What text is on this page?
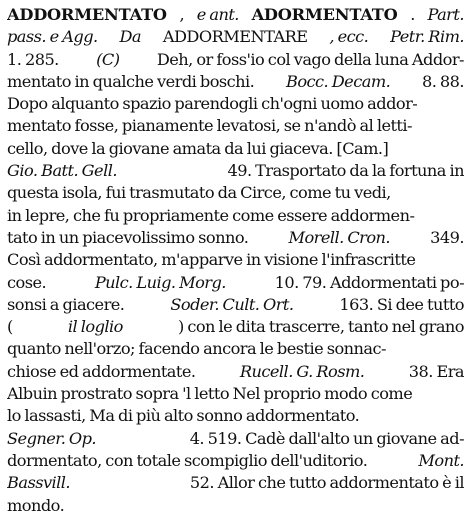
ADDORMENTATO , e ant. ADORMENTATO . Part.
pass. e Agg. Da ADDORMENTARE , ecc. Petr. Rim.
1. 285. (C) Deh, or foss'io col vago della luna Addor-
mentato in qualche verdi boschi. Bocc. Decam. 8. 88.
Dopo alquanto spazio parendogli ch'ogni uomo addor-
mentato fosse, pianamente levatosi, se n'andò al letti-
cello, dove la giovane amata da lui giaceva. [Cam.]
Gio. Batt. Gell.	49. Trasportato da la fortuna in
questa isola, fui trasmutato da Circe, come tu vedi,
in lepre, che fu propriamente come essere addormen-
tato in un piacevolissimo sonno. Morell. Cron. 349.
Così addormentato, m'apparve in visione l'infrascritte
cose.	Pulc. Luig. Morg.	10. 79. Addormentati po-
sonsi a giacere.	Soder. Cult. Ort.	163. Si dee tutto
(	il loglio	) con le dita trascerre, tanto nel grano
quanto nell'orzo; facendo ancora le bestie sonnac-
chiose ed addormentate.	Rucell. G. Rosm.	38. Era
Albuin prostrato sopra 'l letto Nel proprio modo come
lo lassasti, Ma di più alto sonno addormentato.
Segner. Op.	4. 519. Cadè dall'alto un giovane ad-
dormentato, con totale scompiglio dell'uditorio.	Mont.
Bassvill.	52. Allor che tutto addormentato è il
mondo.
